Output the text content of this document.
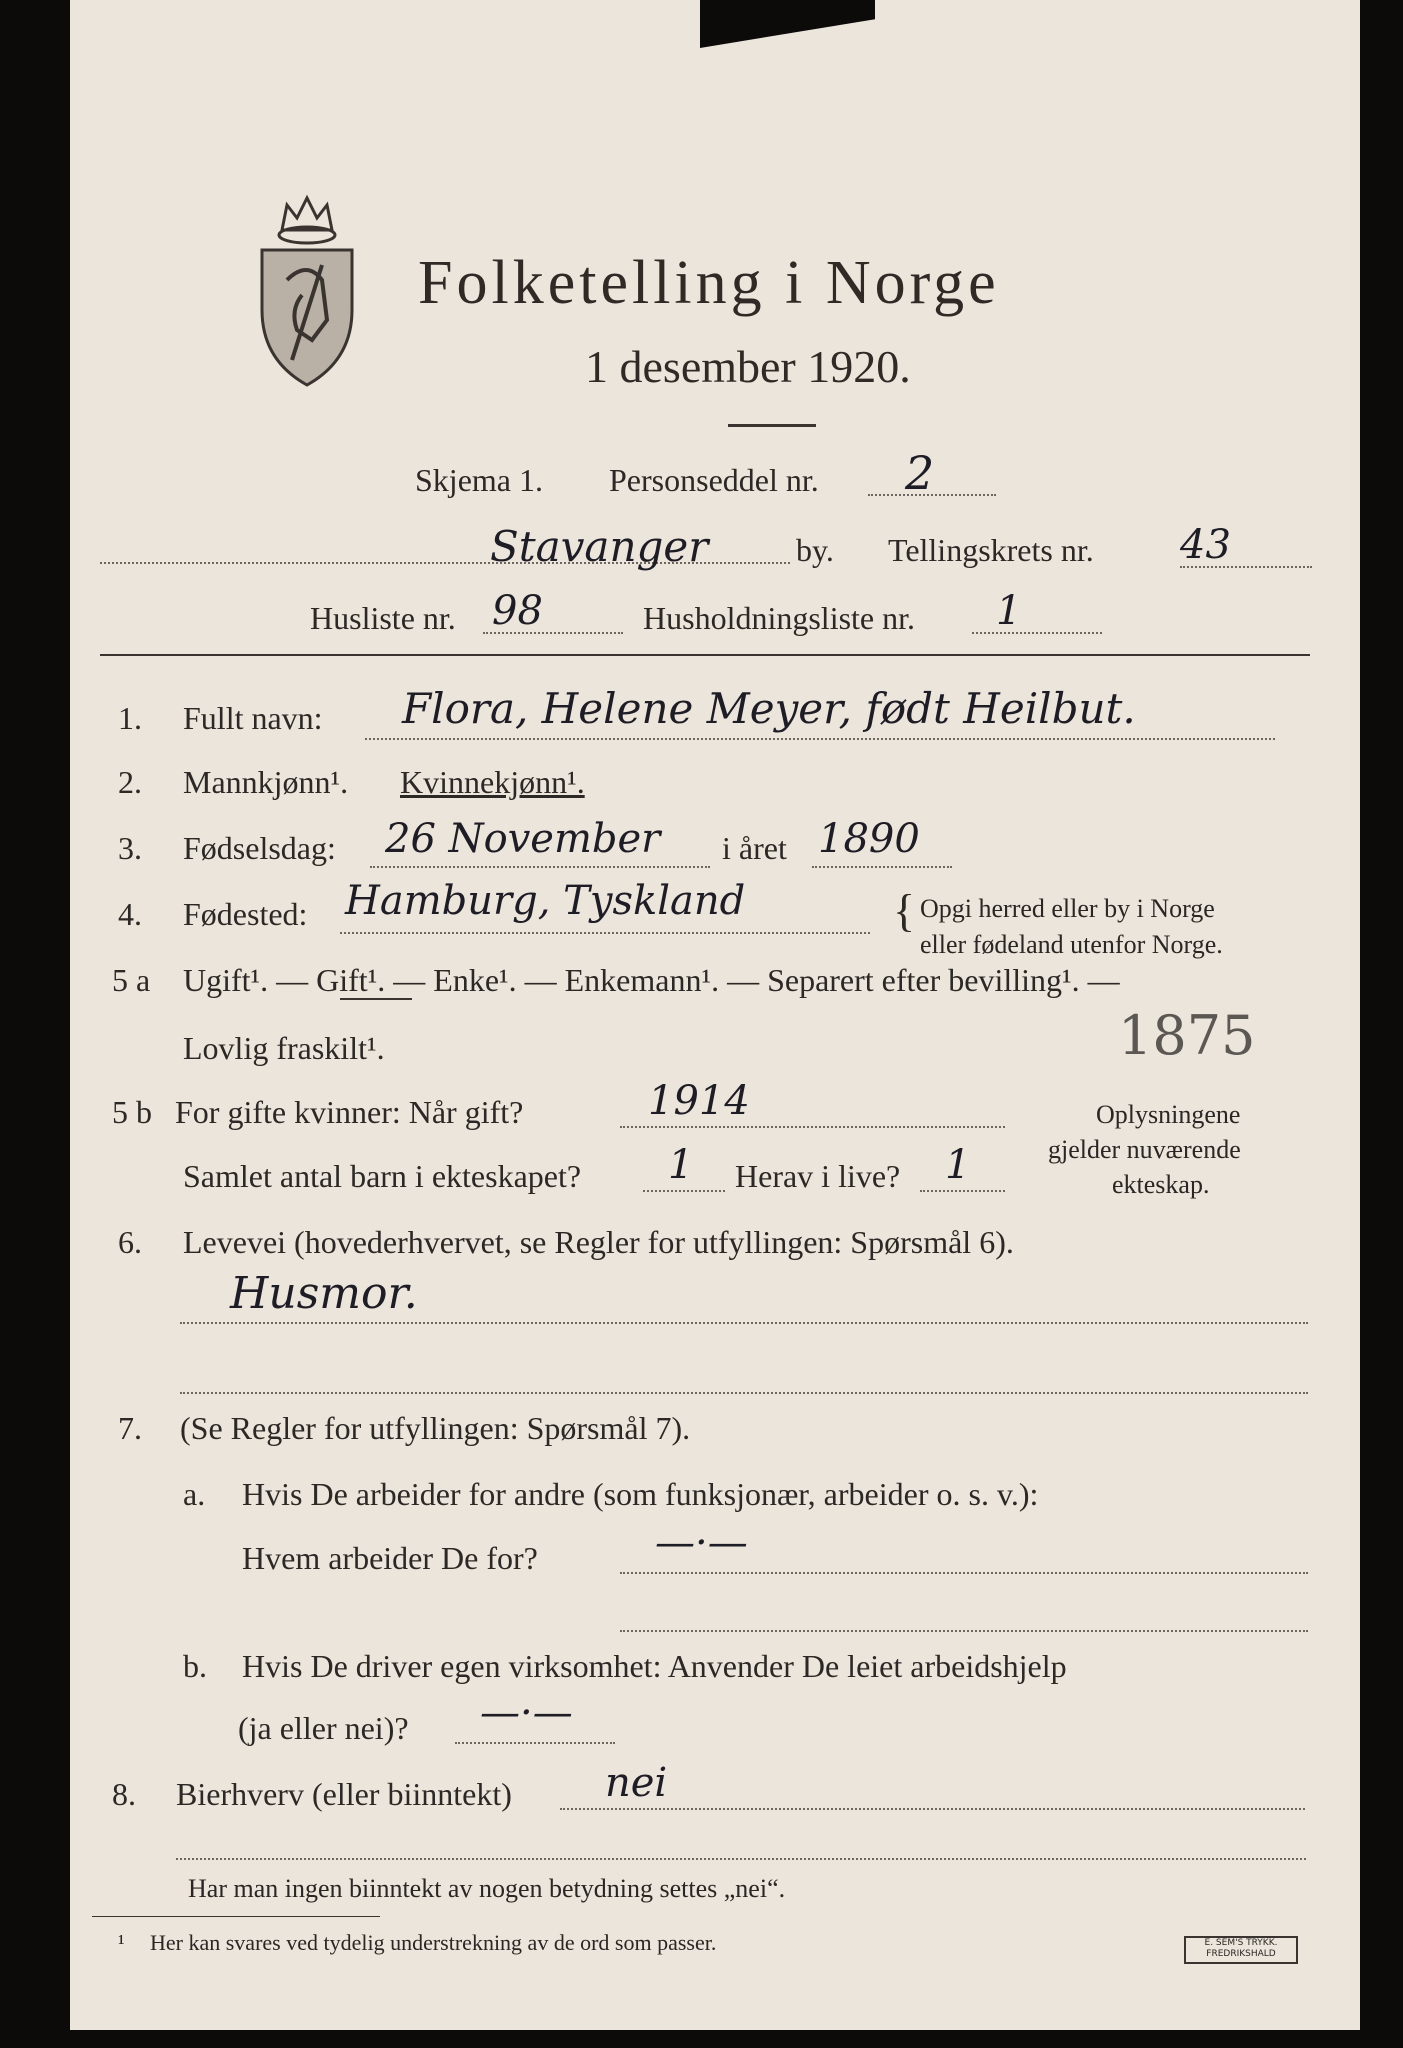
Folketelling i Norge
1 desember 1920.
Skjema 1. Personseddel nr. 2
Stavanger	by. Tellingskrets nr. 43
Husliste nr. 98	Husholdningsliste nr. 1
1. Fullt navn: Flora, Helene Meyer, født Heilbut.
2. Mannkjønn¹. Kvinnekjønn¹.
3. Fødselsdag: 26 November i året 1890
4. Fødested: Hamburg, Tyskland	{ Opgi herred eller by i Norge
eller fødeland utenfor Norge.
5 a Ugift¹. — Gift¹. — Enke¹. — Enkemann¹. — Separert efter bevilling¹. —
Lovlig fraskilt¹.	1875
5 b For gifte kvinner: Når gift?	1914
Samlet antal barn i ekteskapet? 1 Herav i live? 1
Oplysningene
gjelder nuværende
ekteskap.
6. Levevei (hovederhvervet, se Regler for utfyllingen: Spørsmål 6).
Husmor.
7. (Se Regler for utfyllingen: Spørsmål 7).
a. Hvis De arbeider for andre (som funksjonær, arbeider o. s. v.):
Hvem arbeider De for?	—·—
b. Hvis De driver egen virksomhet: Anvender De leiet arbeidshjelp
(ja eller nei)? —·—
8. Bierhverv (eller biinntekt) nei
Har man ingen biinntekt av nogen betydning settes „nei“.
¹ Her kan svares ved tydelig understrekning av de ord som passer.	E. SEM'S TRYKK. FREDRIKSHALD
